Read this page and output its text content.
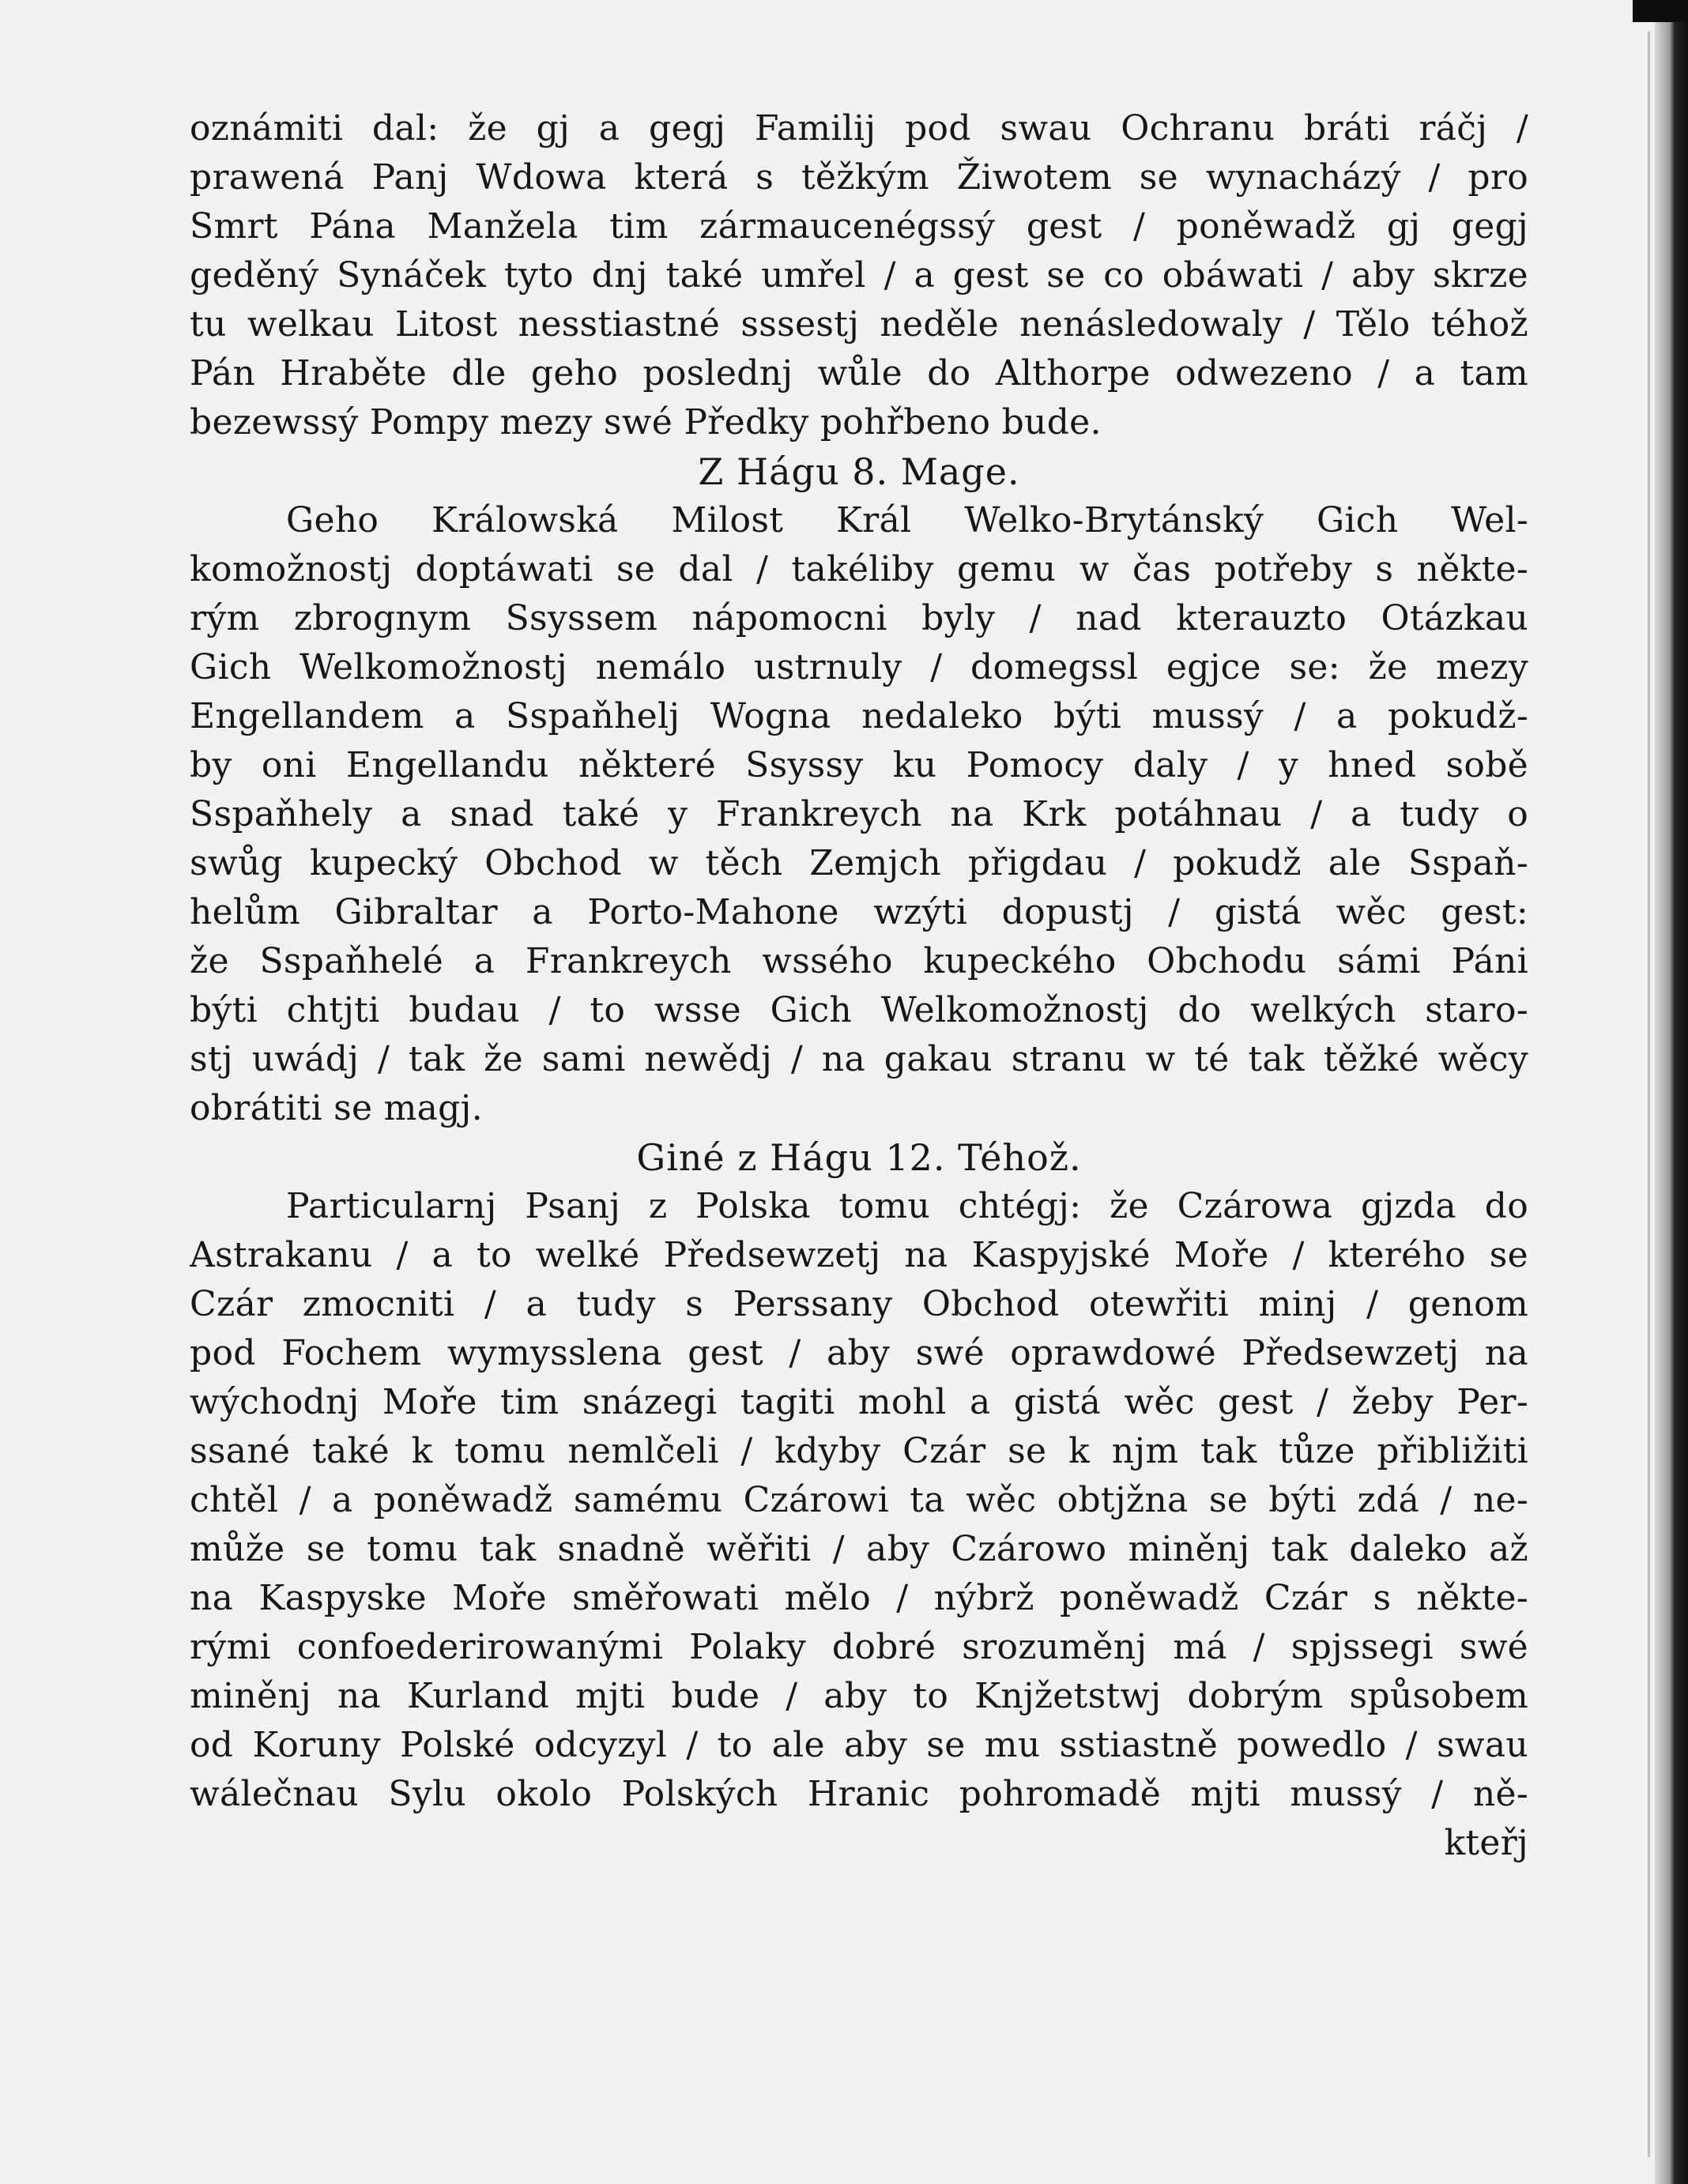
oznámiti dal: že gj a gegj Familij pod swau Ochranu bráti ráčj /
prawená Panj Wdowa která s těžkým Žiwotem se wynacházý / pro
Smrt Pána Manžela tim zármaucenégssý gest / poněwadž gj gegj
geděný Synáček tyto dnj také umřel / a gest se co obáwati / aby skrze
tu welkau Litost nesstiastné sssestj neděle nenásledowaly / Tělo téhož
Pán Hraběte dle geho poslednj wůle do Althorpe odwezeno / a tam
bezewssý Pompy mezy swé Předky pohřbeno bude.
Z Hágu 8. Mage.
Geho Králowská Milost Král Welko-Brytánský Gich Wel-
komožnostj doptáwati se dal / takéliby gemu w čas potřeby s někte-
rým zbrognym Ssyssem nápomocni byly / nad kterauzto Otázkau
Gich Welkomožnostj nemálo ustrnuly / domegssl egjce se: že mezy
Engellandem a Sspaňhelj Wogna nedaleko býti mussý / a pokudž-
by oni Engellandu některé Ssyssy ku Pomocy daly / y hned sobě
Sspaňhely a snad také y Frankreych na Krk potáhnau / a tudy o
swůg kupecký Obchod w těch Zemjch přigdau / pokudž ale Sspaň-
helům Gibraltar a Porto-Mahone wzýti dopustj / gistá wěc gest:
že Sspaňhelé a Frankreych wssého kupeckého Obchodu sámi Páni
býti chtjti budau / to wsse Gich Welkomožnostj do welkých staro-
stj uwádj / tak že sami newědj / na gakau stranu w té tak těžké wěcy
obrátiti se magj.
Giné z Hágu 12. Téhož.
Particularnj Psanj z Polska tomu chtégj: že Czárowa gjzda do
Astrakanu / a to welké Předsewzetj na Kaspyjské Moře / kterého se
Czár zmocniti / a tudy s Perssany Obchod otewřiti minj / genom
pod Fochem wymysslena gest / aby swé oprawdowé Předsewzetj na
wýchodnj Moře tim snázegi tagiti mohl a gistá wěc gest / žeby Per-
ssané také k tomu nemlčeli / kdyby Czár se k njm tak tůze přibližiti
chtěl / a poněwadž samému Czárowi ta wěc obtjžna se býti zdá / ne-
může se tomu tak snadně wěřiti / aby Czárowo miněnj tak daleko až
na Kaspyske Moře směřowati mělo / nýbrž poněwadž Czár s někte-
rými confoederirowanými Polaky dobré srozuměnj má / spjssegi swé
miněnj na Kurland mjti bude / aby to Knjžetstwj dobrým spůsobem
od Koruny Polské odcyzyl / to ale aby se mu sstiastně powedlo / swau
wálečnau Sylu okolo Polských Hranic pohromadě mjti mussý / ně-
kteřj
